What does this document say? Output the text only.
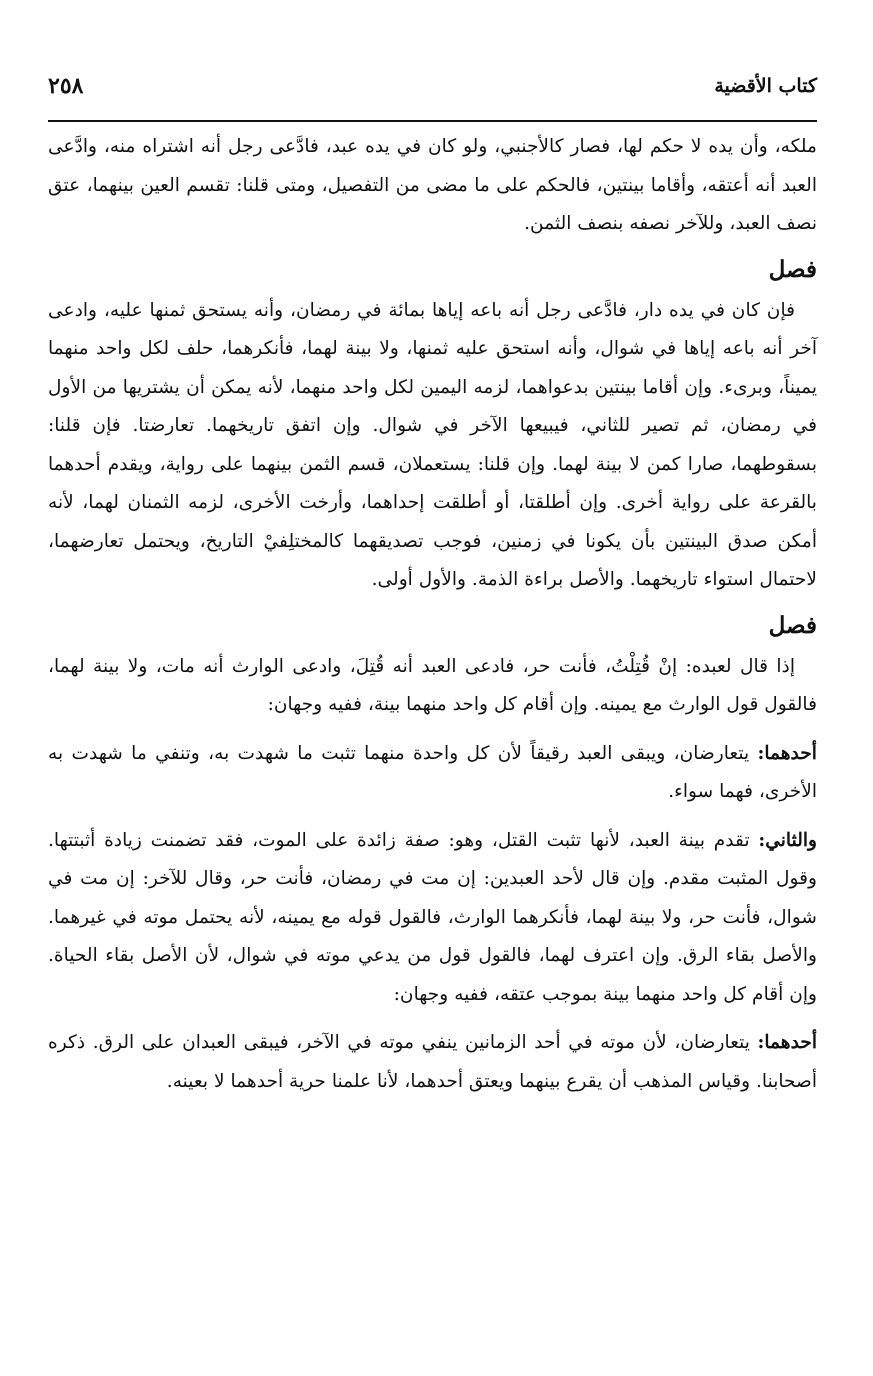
كتاب الأقضية
٢٥٨

ملكه، وأن يده لا حكم لها، فصار كالأجنبي، ولو كان في يده عبد، فادَّعى رجل أنه اشتراه منه، وادَّعى العبد أنه أعتقه، وأقاما بينتين، فالحكم على ما مضى من التفصيل، ومتى قلنا: تقسم العين بينهما، عتق نصف العبد، وللآخر نصفه بنصف الثمن.

فصل

فإن كان في يده دار، فادَّعى رجل أنه باعه إياها بمائة في رمضان، وأنه يستحق ثمنها عليه، وادعى آخر أنه باعه إياها في شوال، وأنه استحق عليه ثمنها، ولا بينة لهما، فأنكرهما، حلف لكل واحد منهما يميناً، وبرىء. وإن أقاما بينتين بدعواهما، لزمه اليمين لكل واحد منهما، لأنه يمكن أن يشتريها من الأول في رمضان، ثم تصير للثاني، فيبيعها الآخر في شوال. وإن اتفق تاريخهما. تعارضتا. فإن قلنا: بسقوطهما، صارا كمن لا بينة لهما. وإن قلنا: يستعملان، قسم الثمن بينهما على رواية، ويقدم أحدهما بالقرعة على رواية أخرى. وإن أطلقتا، أو أطلقت إحداهما، وأرخت الأخرى، لزمه الثمنان لهما، لأنه أمكن صدق البينتين بأن يكونا في زمنين، فوجب تصديقهما كالمختلِفيْ التاريخ، ويحتمل تعارضهما، لاحتمال استواء تاريخهما. والأصل براءة الذمة. والأول أولى.

فصل

إذا قال لعبده: إنْ قُتِلْتُ، فأنت حر، فادعى العبد أنه قُتِلَ، وادعى الوارث أنه مات، ولا بينة لهما، فالقول قول الوارث مع يمينه. وإن أقام كل واحد منهما بينة، ففيه وجهان:

أحدهما: يتعارضان، ويبقى العبد رقيقاً لأن كل واحدة منهما تثبت ما شهدت به، وتنفي ما شهدت به الأخرى، فهما سواء.

والثاني: تقدم بينة العبد، لأنها تثبت القتل، وهو: صفة زائدة على الموت، فقد تضمنت زيادة أثبتتها. وقول المثبت مقدم. وإن قال لأحد العبدين: إن مت في رمضان، فأنت حر، وقال للآخر: إن مت في شوال، فأنت حر، ولا بينة لهما، فأنكرهما الوارث، فالقول قوله مع يمينه، لأنه يحتمل موته في غيرهما. والأصل بقاء الرق. وإن اعترف لهما، فالقول قول من يدعي موته في شوال، لأن الأصل بقاء الحياة. وإن أقام كل واحد منهما بينة بموجب عتقه، ففيه وجهان:

أحدهما: يتعارضان، لأن موته في أحد الزمانين ينفي موته في الآخر، فيبقى العبدان على الرق. ذكره أصحابنا. وقياس المذهب أن يقرع بينهما ويعتق أحدهما، لأنا علمنا حرية أحدهما لا بعينه.
